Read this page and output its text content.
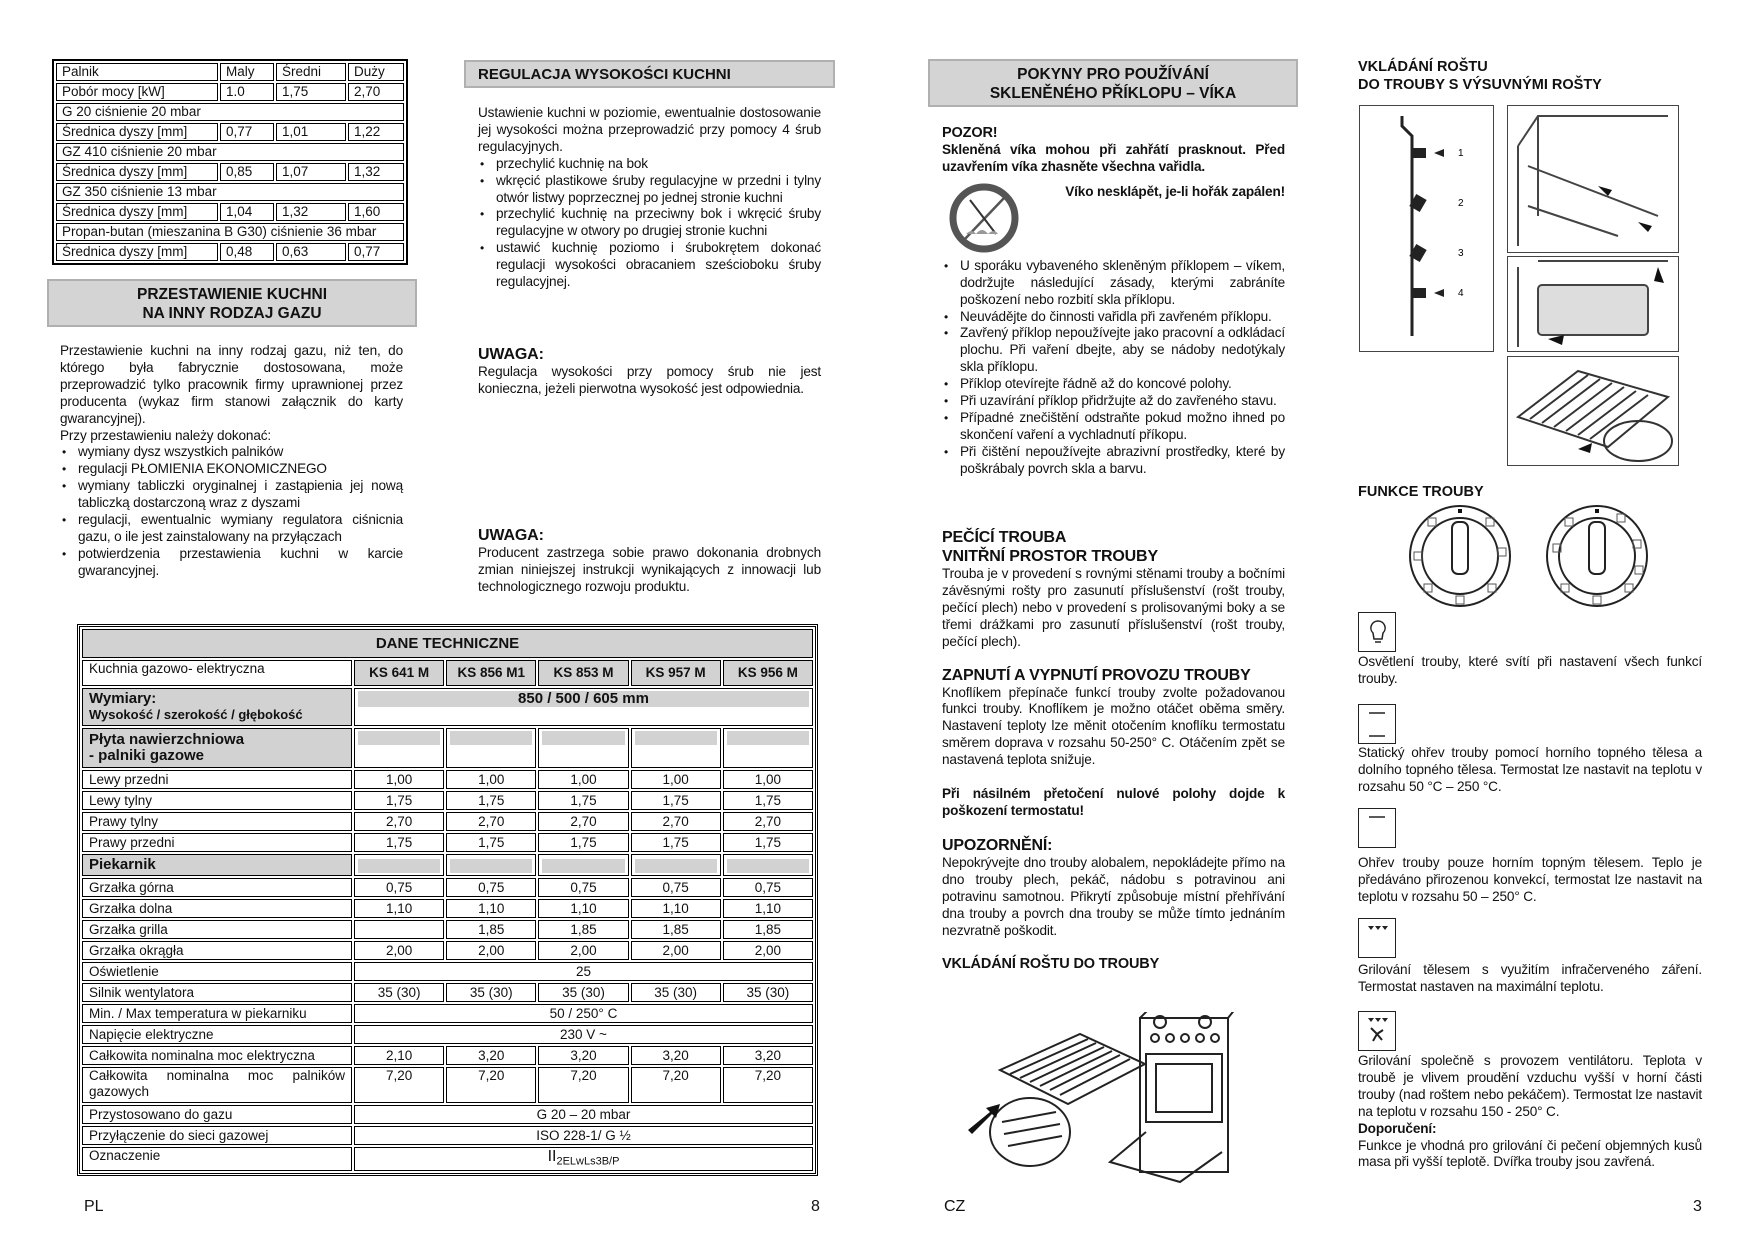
Palnik	Maly	Średni	Duży
Pobór mocy [kW]	1.0	1,75	2,70
G 20 ciśnienie 20 mbar			
Średnica dyszy [mm]	0,77	1,01	1,22
GZ 410 ciśnienie 20 mbar			
Średnica dyszy [mm]	0,85	1,07	1,32
GZ 350 ciśnienie 13 mbar			
Średnica dyszy [mm]	1,04	1,32	1,60
Propan-butan (mieszanina B G30) ciśnienie 36 mbar			
Średnica dyszy [mm]	0,48	0,63	0,77
PRZESTAWIENIE KUCHNI
NA INNY RODZAJ GAZU

Przestawienie kuchni na inny rodzaj gazu, niż ten, do którego była fabrycznie dostosowana, może przeprowadzić tylko pracownik firmy uprawnionej przez producenta (wykaz firm stanowi załącznik do karty gwarancyjnej).

Przy przestawieniu należy dokonać:

• wymiany dysz wszystkich palników
• regulacji PŁOMIENIA EKONOMICZNEGO
• wymiany tabliczki oryginalnej i zastąpienia jej nową tabliczką dostarczoną wraz z dyszami
• regulacji, ewentualnic wymiany regulatora ciśnicnia gazu, o ile jest zainstalowany na przyłączach
• potwierdzenia przestawienia kuchni w karcie gwarancyjnej.
REGULACJA WYSOKOŚCI KUCHNI

Ustawienie kuchni w poziomie, ewentualnie dostosowanie jej wysokości można przeprowadzić przy pomocy 4 śrub regulacyjnych.

• przechylić kuchnię na bok
• wkręcić plastikowe śruby regulacyjne w przedni i tylny otwór listwy poprzecznej po jednej stronie kuchni
• przechylić kuchnię na przeciwny bok i wkręcić śruby regulacyjne w otwory po drugiej stronie kuchni
• ustawić kuchnię poziomo i śrubokrętem dokonać regulacji wysokości obracaniem sześcioboku śruby regulacyjnej.
UWAGA:

Regulacja wysokości przy pomocy śrub nie jest konieczna, jeżeli pierwotna wysokość jest odpowiednia.

UWAGA:

Producent zastrzega sobie prawo dokonania drobnych zmian niniejszej instrukcji wynikających z innowacji lub technologicznego rozwoju produktu.

DANE TECHNICZNE					
Kuchnia gazowo- elektryczna	KS 641 M	KS 856 M1	KS 853 M	KS 957 M	KS 956 M

Wymiary:
Wysokość / szerokość / głębokość	850 / 500 / 605 mm				

Płyta nawierzchniowa
- palniki gazowe					

Lewy przedni	1,00	1,00	1,00	1,00	1,00
Lewy tylny	1,75	1,75	1,75	1,75	1,75
Prawy tylny	2,70	2,70	2,70	2,70	2,70
Prawy przedni	1,75	1,75	1,75	1,75	1,75
Piekarnik	

Grzałka górna	0,75	0,75	0,75	0,75	0,75
Grzałka dolna	1,10	1,10	1,10	1,10	1,10
Grzałka grilla		1,85	1,85	1,85	1,85
Grzałka okrągła	2,00	2,00	2,00	2,00	2,00
Oświetlenie	25				
Silnik wentylatora	35 (30)	35 (30)	35 (30)	35 (30)	35 (30)
Min. / Max temperatura w piekarniku	50 / 250° C				
Napięcie elektryczne	230 V ~				
Całkowita nominalna moc elektryczna	2,10	3,20	3,20	3,20	3,20
Całkowita nominalna moc palników gazowych	7,20	7,20	7,20	7,20	7,20
Przystosowano do gazu	G 20 – 20 mbar				
Przyłączenie do sieci gazowej	ISO 228-1/ G ½				
Oznaczenie	$II_{2ELwLs3B/P}$
PL	8
POKYNY PRO POUŽÍVÁNÍ
SKLENĚNÉHO PŘÍKLOPU – VÍKA
POZOR!

Skleněná víka mohou při zahřátí prasknout. Před uzavřením víka zhasněte všechna vařidla.

Víko nesklápět, je-li hořák zapálen!
• U sporáku vybaveného skleněným příklopem – víkem, dodržujte následující zásady, kterými zabráníte poškození nebo rozbití skla příklopu.
• Neuvádějte do činnosti vařidla při zavřeném příklopu.
• Zavřený příklop nepoužívejte jako pracovní a odkládací plochu. Při vaření dbejte, aby se nádoby nedotýkaly skla příklopu.
• Příklop otevírejte řádně až do koncové polohy.
• Při uzavírání příklop přidržujte až do zavřeného stavu.
• Případné znečištění odstraňte pokud možno ihned po skončení vaření a vychladnutí příkopu.
• Při čištění nepoužívejte abrazivní prostředky, které by poškrábaly povrch skla a barvu.
PEČÍCÍ TROUBA
VNITŘNÍ PROSTOR TROUBY

Trouba je v provedení s rovnými stěnami trouby a bočními závěsnými rošty pro zasunutí příslušenství (rošt trouby, pečící plech) nebo v provedení s prolisovanými boky a se třemi drážkami pro zasunutí příslušenství (rošt trouby, pečící plech).

ZAPNUTÍ A VYPNUTÍ PROVOZU TROUBY

Knoflíkem přepínače funkcí trouby zvolte požadovanou funkci trouby. Knoflíkem je možno otáčet oběma směry. Nastavení teploty lze měnit otočením knoflíku termostatu směrem doprava v rozsahu 50-250° C. Otáčením zpět se nastavená teplota snižuje.

Při násilném přetočení nulové polohy dojde k poškození termostatu!

UPOZORNĚNÍ:

Nepokrývejte dno trouby alobalem, nepokládejte přímo na dno trouby plech, pekáč, nádobu s potravinou ani potravinu samotnou. Přikrytí způsobuje místní přehřívání dna trouby a povrch dna trouby se může tímto jednáním nezvratně poškodit.

VKLÁDÁNÍ ROŠTU DO TROUBY
CZ	3
VKLÁDÁNÍ ROŠTU
DO TROUBY S VÝSUVNÝMI ROŠTY
1
2
3
4
FUNKCE TROUBY

Osvětlení trouby, které svítí při nastavení všech funkcí trouby.

Statický ohřev trouby pomocí horního topného tělesa a dolního topného tělesa. Termostat lze nastavit na teplotu v rozsahu 50 °C – 250 °C.

Ohřev trouby pouze horním topným tělesem. Teplo je předáváno přirozenou konvekcí, termostat lze nastavit na teplotu v rozsahu 50 – 250° C.

Grilování tělesem s využitím infračerveného záření. Termostat nastaven na maximální teplotu.

Grilování společně s provozem ventilátoru. Teplota v troubě je vlivem proudění vzduchu vyšší v horní části trouby (nad roštem nebo pekáčem). Termostat lze nastavit na teplotu v rozsahu 150 - 250° C.

Doporučení:

Funkce je vhodná pro grilování či pečení objemných kusů masa při vyšší teplotě. Dvířka trouby jsou zavřená.
